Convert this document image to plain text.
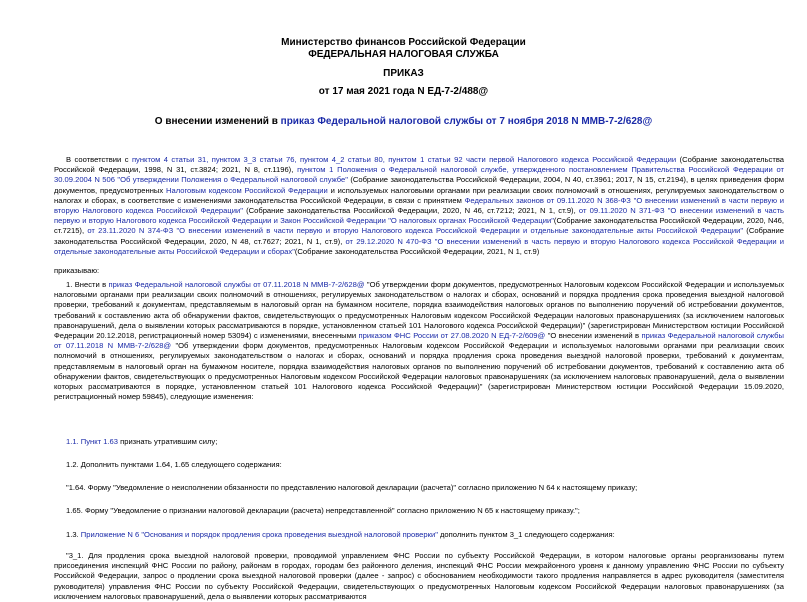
Министерство финансов Российской Федерации
ФЕДЕРАЛЬНАЯ НАЛОГОВАЯ СЛУЖБА
ПРИКАЗ
от 17 мая 2021 года N ЕД-7-2/488@
О внесении изменений в приказ Федеральной налоговой службы от 7 ноября 2018 N ММВ-7-2/628@
В соответствии с пунктом 4 статьи 31, пунктом 3_3 статьи 76, пунктом 4_2 статьи 80, пунктом 1 статьи 92 части первой Налогового кодекса Российской Федерации (Собрание законодательства Российской Федерации, 1998, N 31, ст.3824; 2021, N 8, ст.1196), пунктом 1 Положения о Федеральной налоговой службе, утвержденного постановлением Правительства Российской Федерации от 30.09.2004 N 506 "Об утверждении Положения о Федеральной налоговой службе" (Собрание законодательства Российской Федерации, 2004, N 40, ст.3961; 2017, N 15, ст.2194), в целях приведения форм документов, предусмотренных Налоговым кодексом Российской Федерации и используемых налоговыми органами при реализации своих полномочий в отношениях, регулируемых законодательством о налогах и сборах, в соответствие с изменениями законодательства Российской Федерации, в связи с принятием Федеральных законов от 09.11.2020 N 368-ФЗ "О внесении изменений в части первую и вторую Налогового кодекса Российской Федерации" (Собрание законодательства Российской Федерации, 2020, N 46, ст.7212; 2021, N 1, ст.9), от 09.11.2020 N 371-ФЗ "О внесении изменений в часть первую и вторую Налогового кодекса Российской Федерации и Закон Российской Федерации "О налоговых органах Российской Федерации"(Собрание законодательства Российской Федерации, 2020, N46, ст.7215), от 23.11.2020 N 374-ФЗ "О внесении изменений в части первую и вторую Налогового кодекса Российской Федерации и отдельные законодательные акты Российской Федерации" (Собрание законодательства Российской Федерации, 2020, N 48, ст.7627; 2021, N 1, ст.9), от 29.12.2020 N 470-ФЗ "О внесении изменений в часть первую и вторую Налогового кодекса Российской Федерации и отдельные законодательные акты Российской Федерации и сборах"(Собрание законодательства Российской Федерации, 2021, N 1, ст.9)
приказываю:
1. Внести в приказ Федеральной налоговой службы от 07.11.2018 N ММВ-7-2/628@ "Об утверждении форм документов, предусмотренных Налоговым кодексом Российской Федерации и используемых налоговыми органами при реализации своих полномочий в отношениях, регулируемых законодательством о налогах и сборах, оснований и порядка продления срока проведения выездной налоговой проверки, требований к документам, представляемым в налоговый орган на бумажном носителе, порядка взаимодействия налоговых органов по выполнению поручений об истребовании документов, требований к составлению акта об обнаружении фактов, свидетельствующих о предусмотренных Налоговым кодексом Российской Федерации налоговых правонарушениях (за исключением налоговых правонарушений, дела о выявлении которых рассматриваются в порядке, установленном статьей 101 Налогового кодекса Российской Федерации)" (зарегистрирован Министерством юстиции Российской Федерации 20.12.2018, регистрационный номер 53094) с изменениями, внесенными приказом ФНС России от 27.08.2020 N ЕД-7-2/609@ "О внесении изменений в приказ Федеральной налоговой службы от 07.11.2018 N ММВ-7-2/628@ "Об утверждении форм документов, предусмотренных Налоговым кодексом Российской Федерации и используемых налоговыми органами при реализации своих полномочий в отношениях, регулируемых законодательством о налогах и сборах, оснований и порядка продления срока проведения выездной налоговой проверки, требований к документам, представляемым в налоговый орган на бумажном носителе, порядка взаимодействия налоговых органов по выполнению поручений об истребовании документов, требований к составлению акта об обнаружении фактов, свидетельствующих о предусмотренных Налоговым кодексом Российской Федерации налоговых правонарушениях (за исключением налоговых правонарушений, дела о выявлении которых рассматриваются в порядке, установленном статьей 101 Налогового кодекса Российской Федерации)" (зарегистрирован Министерством юстиции Российской Федерации 15.09.2020, регистрационный номер 59845), следующие изменения:
1.1. Пункт 1.63 признать утратившим силу;
1.2. Дополнить пунктами 1.64, 1.65 следующего содержания:
"1.64. Форму "Уведомление о неисполнении обязанности по представлению налоговой декларации (расчета)" согласно приложению N 64 к настоящему приказу;
1.65. Форму "Уведомление о признании налоговой декларации (расчета) непредставленной" согласно приложению N 65 к настоящему приказу.";
1.3. Приложение N 6 "Основания и порядок продления срока проведения выездной налоговой проверки" дополнить пунктом 3_1 следующего содержания:
"3_1. Для продления срока выездной налоговой проверки, проводимой управлением ФНС России по субъекту Российской Федерации, в котором налоговые органы реорганизованы путем присоединения инспекций ФНС России по району, районам в городах, городам без районного деления, инспекций ФНС России межрайонного уровня к данному управлению ФНС России по субъекту Российской Федерации, запрос о продлении срока выездной налоговой проверки (далее - запрос) с обоснованием необходимости такого продления направляется в адрес руководителя (заместителя руководителя) управления ФНС России по субъекту Российской Федерации, свидетельствующих о предусмотренных Налоговым кодексом Российской Федерации налоговых правонарушениях (за исключением налоговых правонарушений, дела о выявлении которых рассматриваются
